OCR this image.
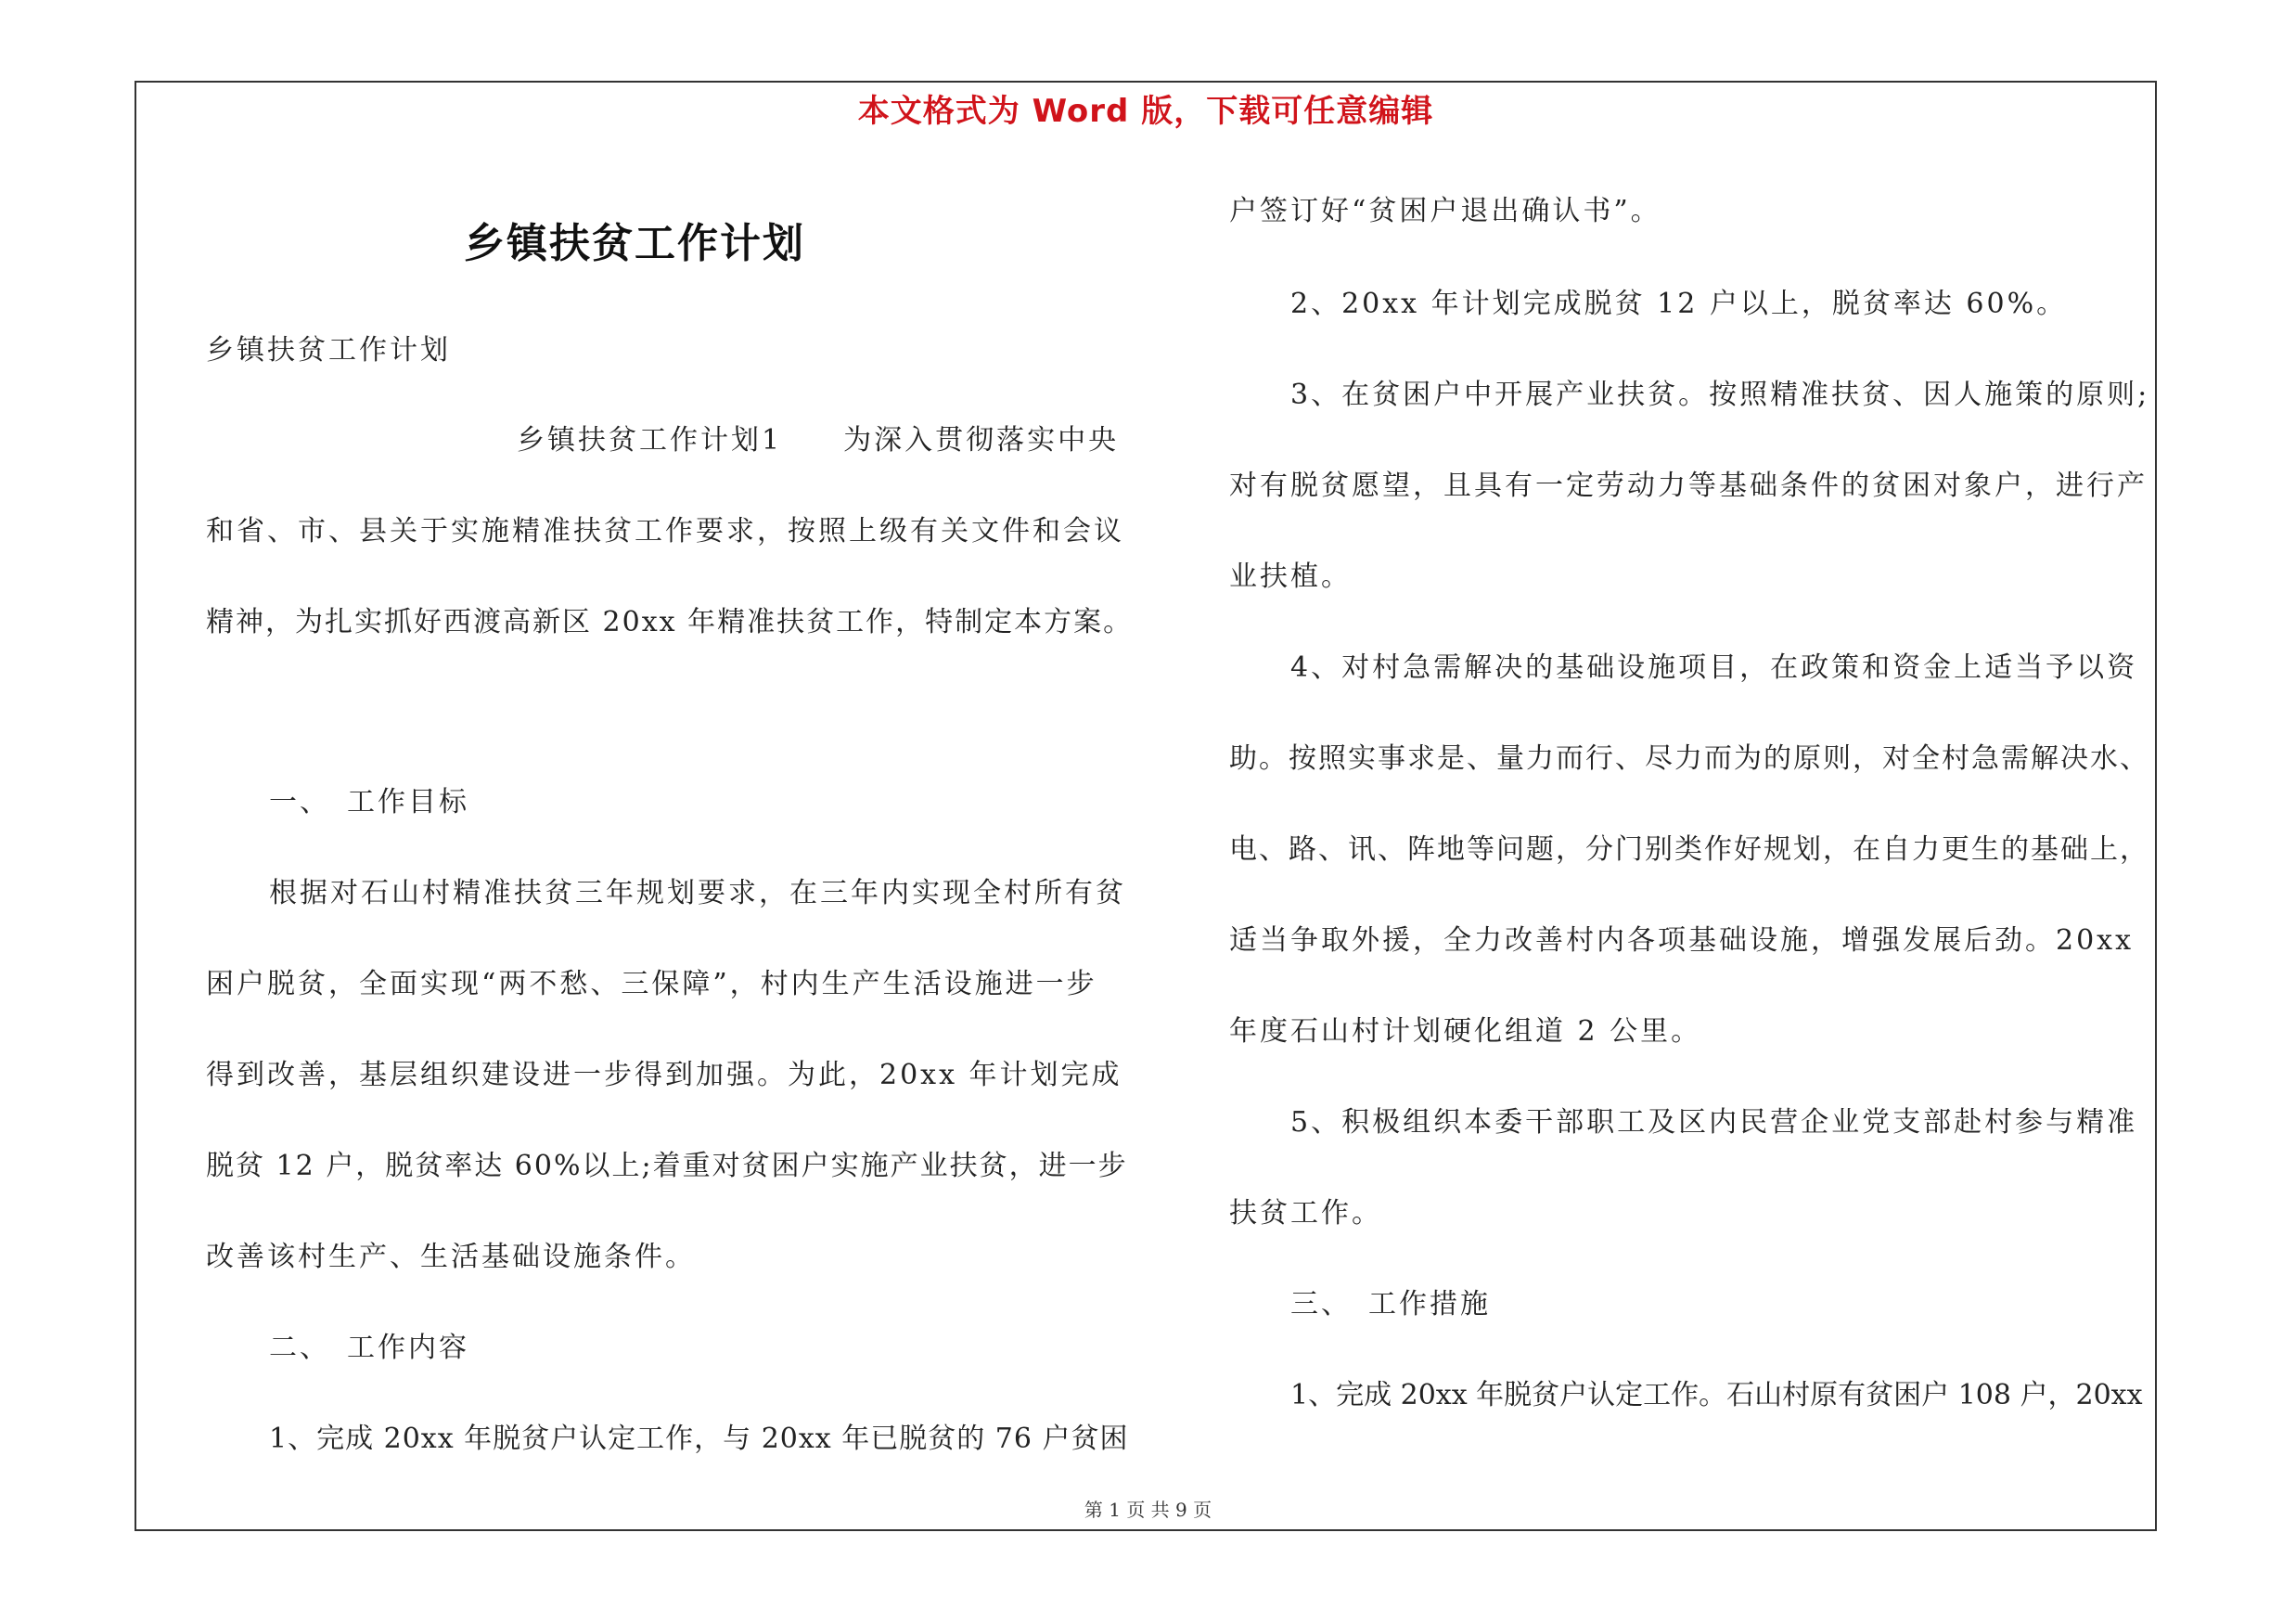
本文格式为 Word 版，下载可任意编辑
乡镇扶贫工作计划
乡镇扶贫工作计划
乡镇扶贫工作计划1　　为深入贯彻落实中央
和省、市、县关于实施精准扶贫工作要求，按照上级有关文件和会议
精神，为扎实抓好西渡高新区 20xx 年精准扶贫工作，特制定本方案。
一、　工作目标
根据对石山村精准扶贫三年规划要求，在三年内实现全村所有贫
困户脱贫，全面实现“两不愁、三保障”，村内生产生活设施进一步
得到改善，基层组织建设进一步得到加强。为此，20xx 年计划完成
脱贫 12 户，脱贫率达 60%以上;着重对贫困户实施产业扶贫，进一步
改善该村生产、生活基础设施条件。
二、　工作内容
1、完成 20xx 年脱贫户认定工作，与 20xx 年已脱贫的 76 户贫困
户签订好“贫困户退出确认书”。
2、20xx 年计划完成脱贫 12 户以上，脱贫率达 60%。
3、在贫困户中开展产业扶贫。按照精准扶贫、因人施策的原则;
对有脱贫愿望，且具有一定劳动力等基础条件的贫困对象户，进行产
业扶植。
4、对村急需解决的基础设施项目，在政策和资金上适当予以资
助。按照实事求是、量力而行、尽力而为的原则，对全村急需解决水、
电、路、讯、阵地等问题，分门别类作好规划，在自力更生的基础上，
适当争取外援，全力改善村内各项基础设施，增强发展后劲。20xx
年度石山村计划硬化组道 2 公里。
5、积极组织本委干部职工及区内民营企业党支部赴村参与精准
扶贫工作。
三、　工作措施
1、完成 20xx 年脱贫户认定工作。石山村原有贫困户 108 户，20xx
第 1 页 共 9 页
